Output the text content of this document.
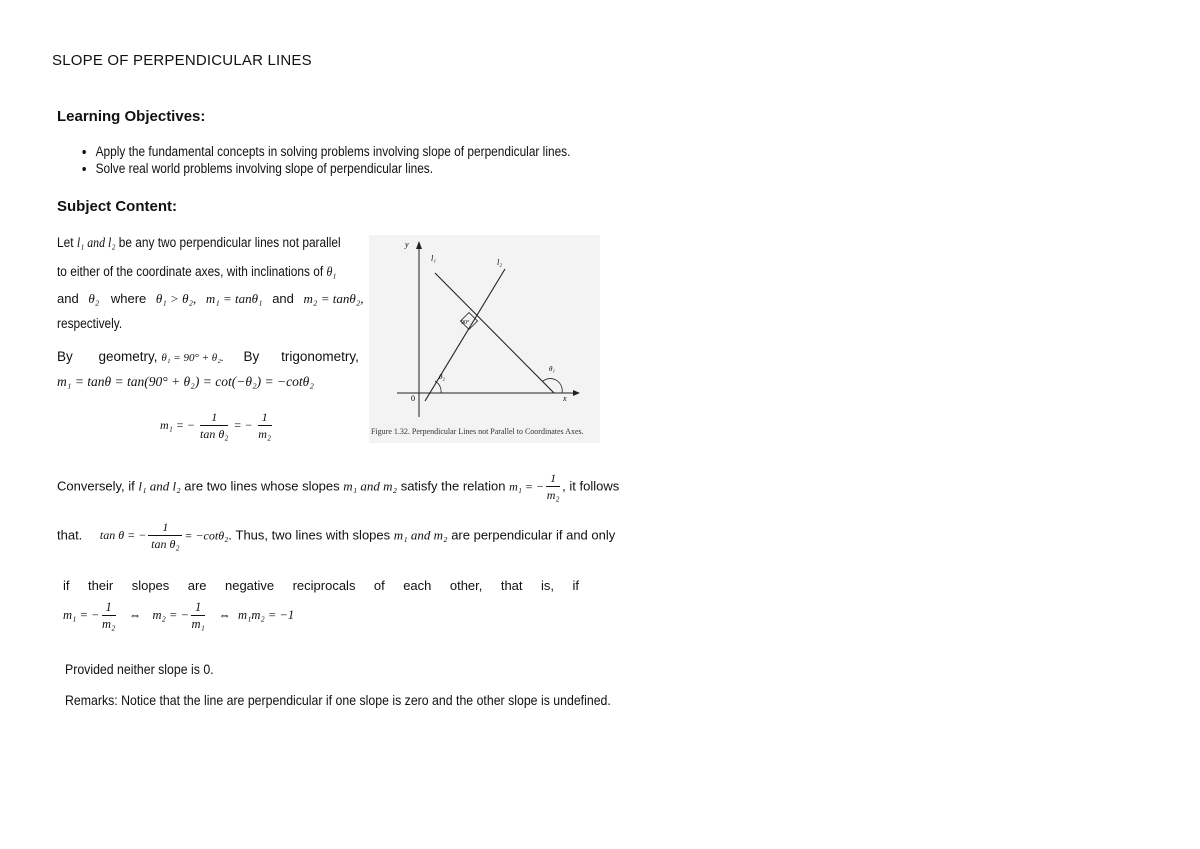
SLOPE OF PERPENDICULAR LINES
Learning Objectives:
• Apply the fundamental concepts in solving problems involving slope of perpendicular lines.
• Solve real world problems involving slope of perpendicular lines.
Subject Content:
Let l₁ and l₂ be any two perpendicular lines not parallel
to either of the coordinate axes, with inclinations of θ₁
and θ₂ where θ₁ > θ₂, m₁ = tanθ₁ and m₂ = tanθ₂,
respectively.
By geometry, θ₁ = 90° + θ₂. By trigonometry,
m₁ = tanθ = tan(90° + θ₂) = cot(−θ₂) = −cotθ₂
m₁ = − $\frac{1}{\text{tan θ₂}}$ = − $\frac{1}{\text{m₂}}$
y
x
0
l₁	l₂
90°
θ₂
θ₁
Figure 1.32. Perpendicular Lines not Parallel to Coordinates Axes.
Conversely, if l₁ and l₂ are two lines whose slopes m₁ and m₂ satisfy the relation m₁ = − $\frac{1}{\text{m₂}}$ , it follows
that. tan θ = − $\frac{1}{\text{tan θ₂}} = -\cot\theta_2$. Thus, two lines with slopes m₁ and m₂ are perpendicular if and only
if their slopes are negative reciprocals of each other, that is, if
m₁ = − $\frac{1}{\text{m₂}}$ ⇔ m₂ = − $\frac{1}{\text{m₁}}$ ⇔ m₁m₂ = −1
Provided neither slope is 0.
Remarks: Notice that the line are perpendicular if one slope is zero and the other slope is undefined.
